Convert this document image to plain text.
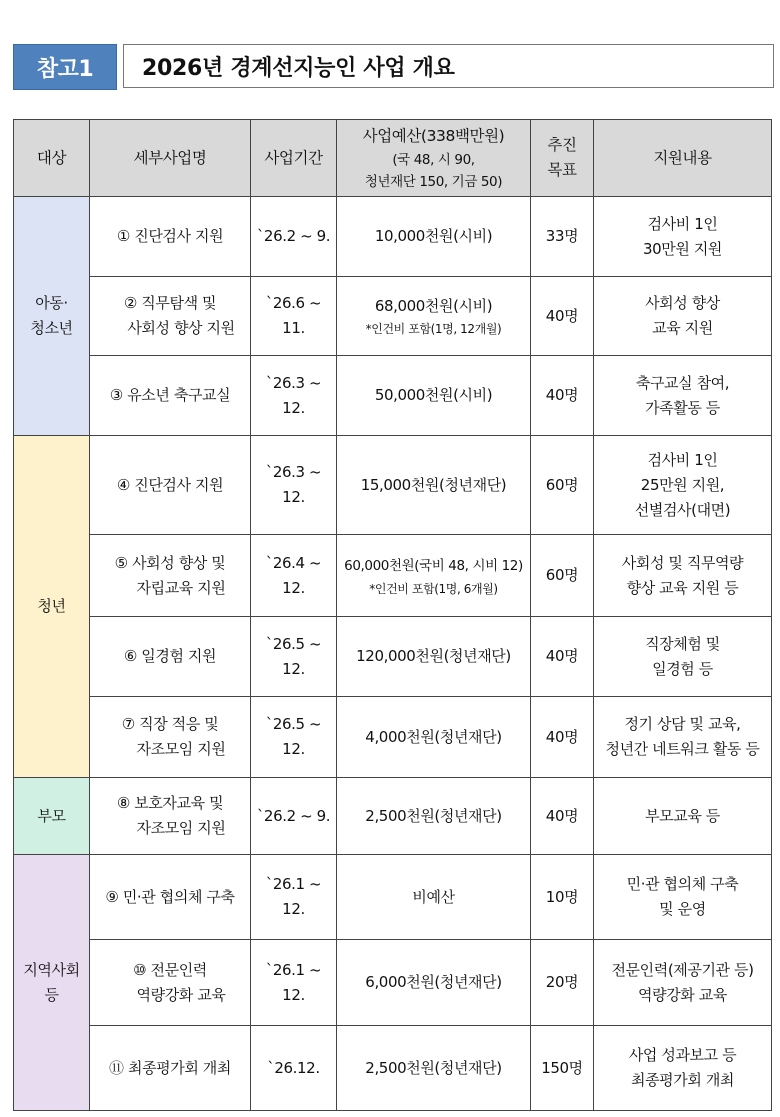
참고1	2026년 경계선지능인 사업 개요
대상	세부사업명	사업기간	사업예산(338백만원)
(국 48, 시 90,
청년재단 150, 기금 50)	추진
목표	지원내용
아동·
청소년	① 진단검사 지원	`26.2 ~ 9.	10,000천원(시비)	33명	검사비 1인
30만원 지원
	② 직무탐색 및
사회성 향상 지원	`26.6 ~ 11.	68,000천원(시비)
*인건비 포함(1명, 12개월)	40명	사회성 향상
교육 지원
	③ 유소년 축구교실	`26.3 ~ 12.	50,000천원(시비)	40명	축구교실 참여,
가족활동 등
청년	④ 진단검사 지원	`26.3 ~ 12.	15,000천원(청년재단)	60명	검사비 1인
25만원 지원,
선별검사(대면)
	⑤ 사회성 향상 및
자립교육 지원	`26.4 ~ 12.	60,000천원(국비 48, 시비 12)
*인건비 포함(1명, 6개월)	60명	사회성 및 직무역량
향상 교육 지원 등
	⑥ 일경험 지원	`26.5 ~ 12.	120,000천원(청년재단)	40명	직장체험 및
일경험 등
	⑦ 직장 적응 및
자조모임 지원	`26.5 ~ 12.	4,000천원(청년재단)	40명	정기 상담 및 교육,
청년간 네트워크 활동 등
부모	⑧ 보호자교육 및
자조모임 지원	`26.2 ~ 9.	2,500천원(청년재단)	40명	부모교육 등
지역사회
등	⑨ 민·관 협의체 구축	`26.1 ~ 12.	비예산	10명	민·관 협의체 구축
및 운영
	⑩ 전문인력
역량강화 교육	`26.1 ~ 12.	6,000천원(청년재단)	20명	전문인력(제공기관 등)
역량강화 교육
	⑪ 최종평가회 개최	`26.12.	2,500천원(청년재단)	150명	사업 성과보고 등
최종평가회 개최
